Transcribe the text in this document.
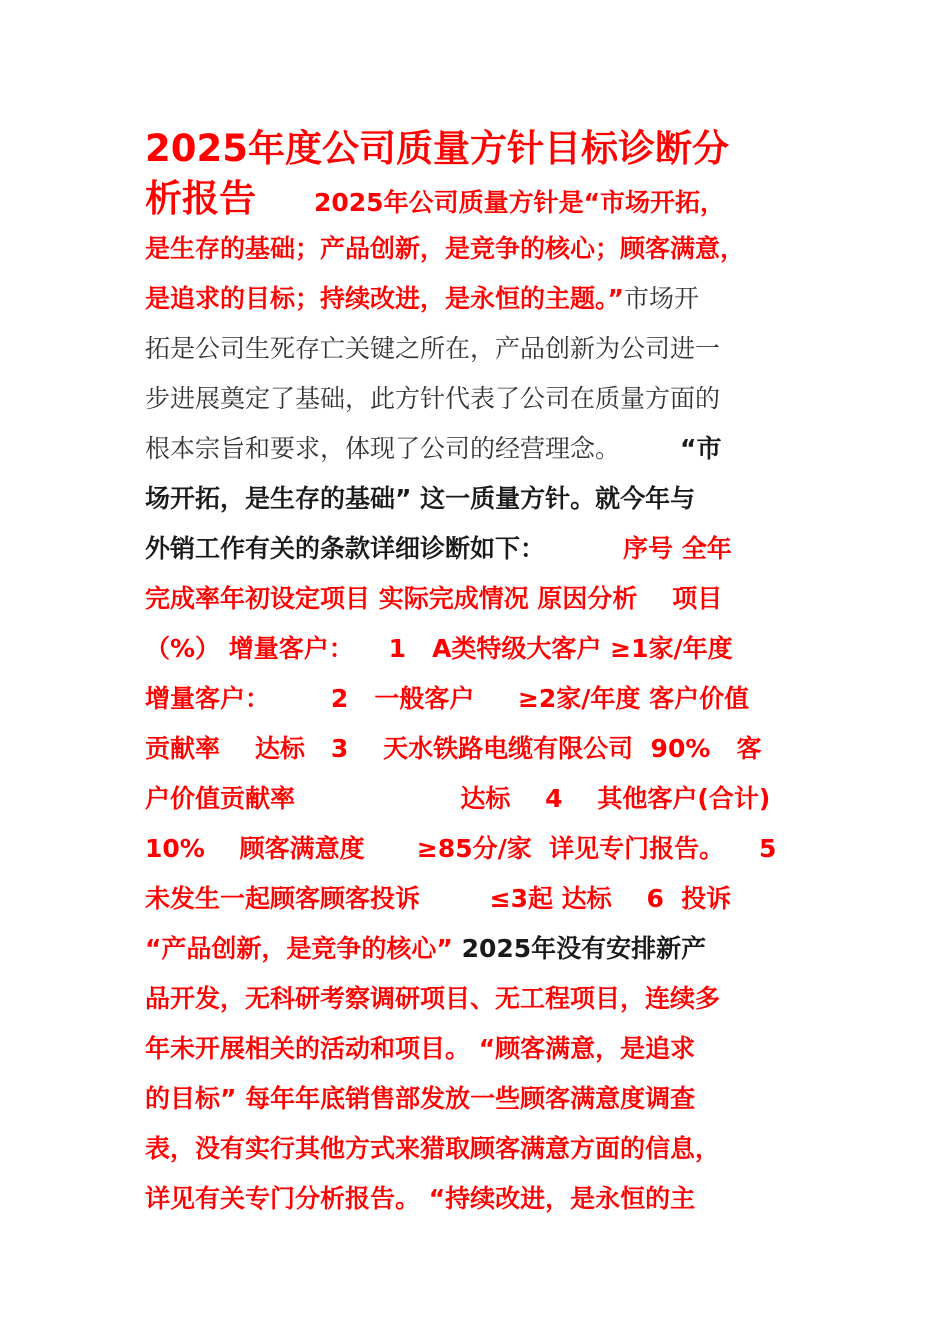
2025年度公司质量方针目标诊断分
析报告 2025年公司质量方针是“市场开拓，
是生存的基础；产品创新，是竞争的核心；顾客满意，
是追求的目标；持续改进，是永恒的主题。”市场开
拓是公司生死存亡关键之所在，产品创新为公司进一
步进展奠定了基础，此方针代表了公司在质量方面的
根本宗旨和要求，体现了公司的经营理念。 “市
场开拓，是生存的基础” 这一质量方针。就今年与
外销工作有关的条款详细诊断如下：	序号 全年
完成率年初设定项目 实际完成情况 原因分析    项目
（%） 增量客户：    1   A类特级大客户 ≥1家/年度
增量客户：       2   一般客户     ≥2家/年度 客户价值
贡献率    达标   3    天水铁路电缆有限公司  90%   客
户价值贡献率                   达标    4    其他客户(合计)
10%    顾客满意度      ≥85分/家  详见专门报告。    5
未发生一起顾客顾客投诉        ≤3起 达标    6  投诉
“产品创新，是竞争的核心” 2025年没有安排新产
品开发，无科研考察调研项目、无工程项目，连续多
年未开展相关的活动和项目。 “顾客满意，是追求
的目标” 每年年底销售部发放一些顾客满意度调查
表，没有实行其他方式来猎取顾客满意方面的信息，
详见有关专门分析报告。 “持续改进，是永恒的主
